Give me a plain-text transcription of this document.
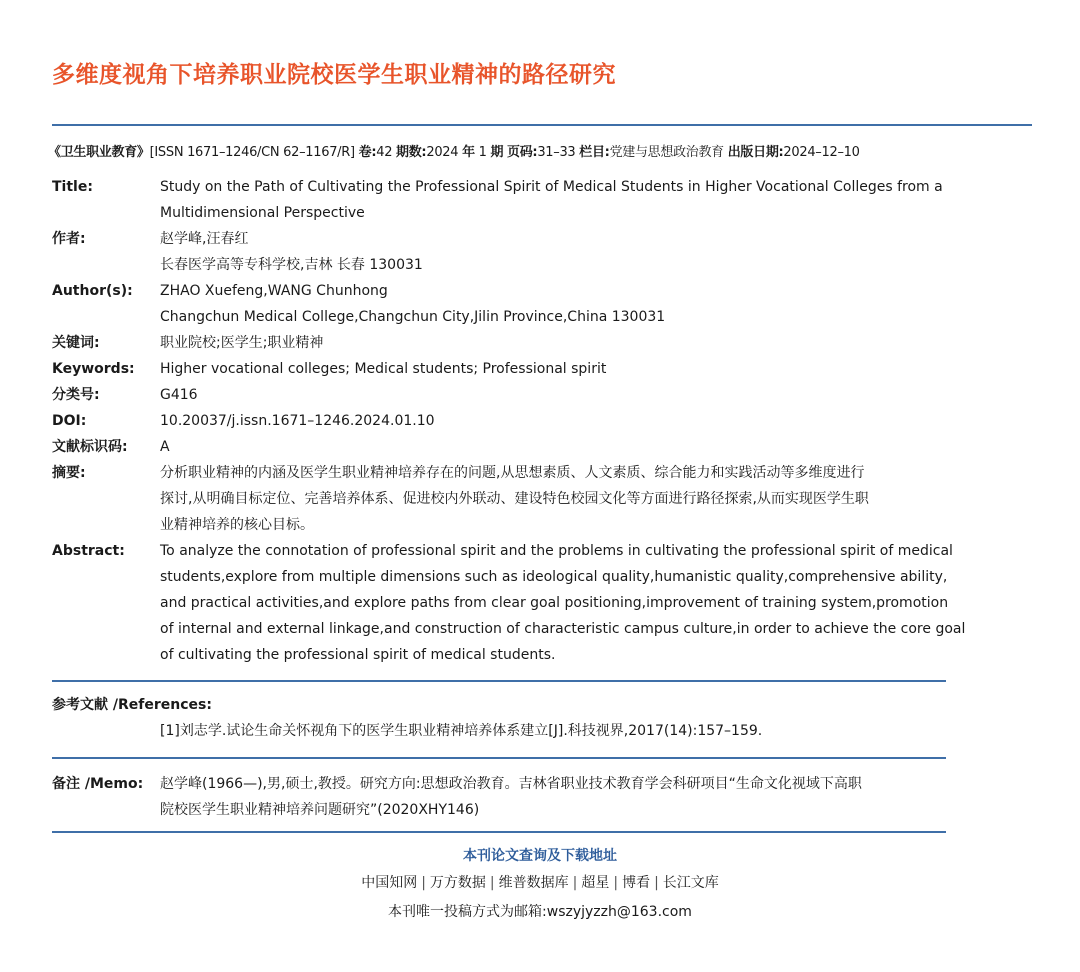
多维度视角下培养职业院校医学生职业精神的路径研究
《卫生职业教育》[ISSN 1671–1246/CN 62–1167/R] 卷:42 期数:2024 年 1 期 页码:31–33 栏目:党建与思想政治教育 出版日期:2024–12–10
Title:	Study on the Path of Cultivating the Professional Spirit of Medical Students in Higher Vocational Colleges from a
Multidimensional Perspective
作者:	赵学峰,汪春红
长春医学高等专科学校,吉林 长春 130031
Author(s):	ZHAO Xuefeng,WANG Chunhong
Changchun Medical College,Changchun City,Jilin Province,China 130031
关键词:	职业院校;医学生;职业精神
Keywords:	Higher vocational colleges; Medical students; Professional spirit
分类号:	G416
DOI:	10.20037/j.issn.1671–1246.2024.01.10
文献标识码:	A
摘要:	分析职业精神的内涵及医学生职业精神培养存在的问题,从思想素质、人文素质、综合能力和实践活动等多维度进行
探讨,从明确目标定位、完善培养体系、促进校内外联动、建设特色校园文化等方面进行路径探索,从而实现医学生职
业精神培养的核心目标。
Abstract:	To analyze the connotation of professional spirit and the problems in cultivating the professional spirit of medical
students,explore from multiple dimensions such as ideological quality,humanistic quality,comprehensive ability,
and practical activities,and explore paths from clear goal positioning,improvement of training system,promotion
of internal and external linkage,and construction of characteristic campus culture,in order to achieve the core goal
of cultivating the professional spirit of medical students.
参考文献 /References:
[1]刘志学.试论生命关怀视角下的医学生职业精神培养体系建立[J].科技视界,2017(14):157–159.
备注 /Memo: 赵学峰(1966—),男,硕士,教授。研究方向:思想政治教育。吉林省职业技术教育学会科研项目“生命文化视域下高职
院校医学生职业精神培养问题研究”(2020XHY146)
本刊论文查询及下载地址
中国知网 | 万方数据 | 维普数据库 | 超星 | 博看 | 长江文库
本刊唯一投稿方式为邮箱:wszyjyzzh@163.com
